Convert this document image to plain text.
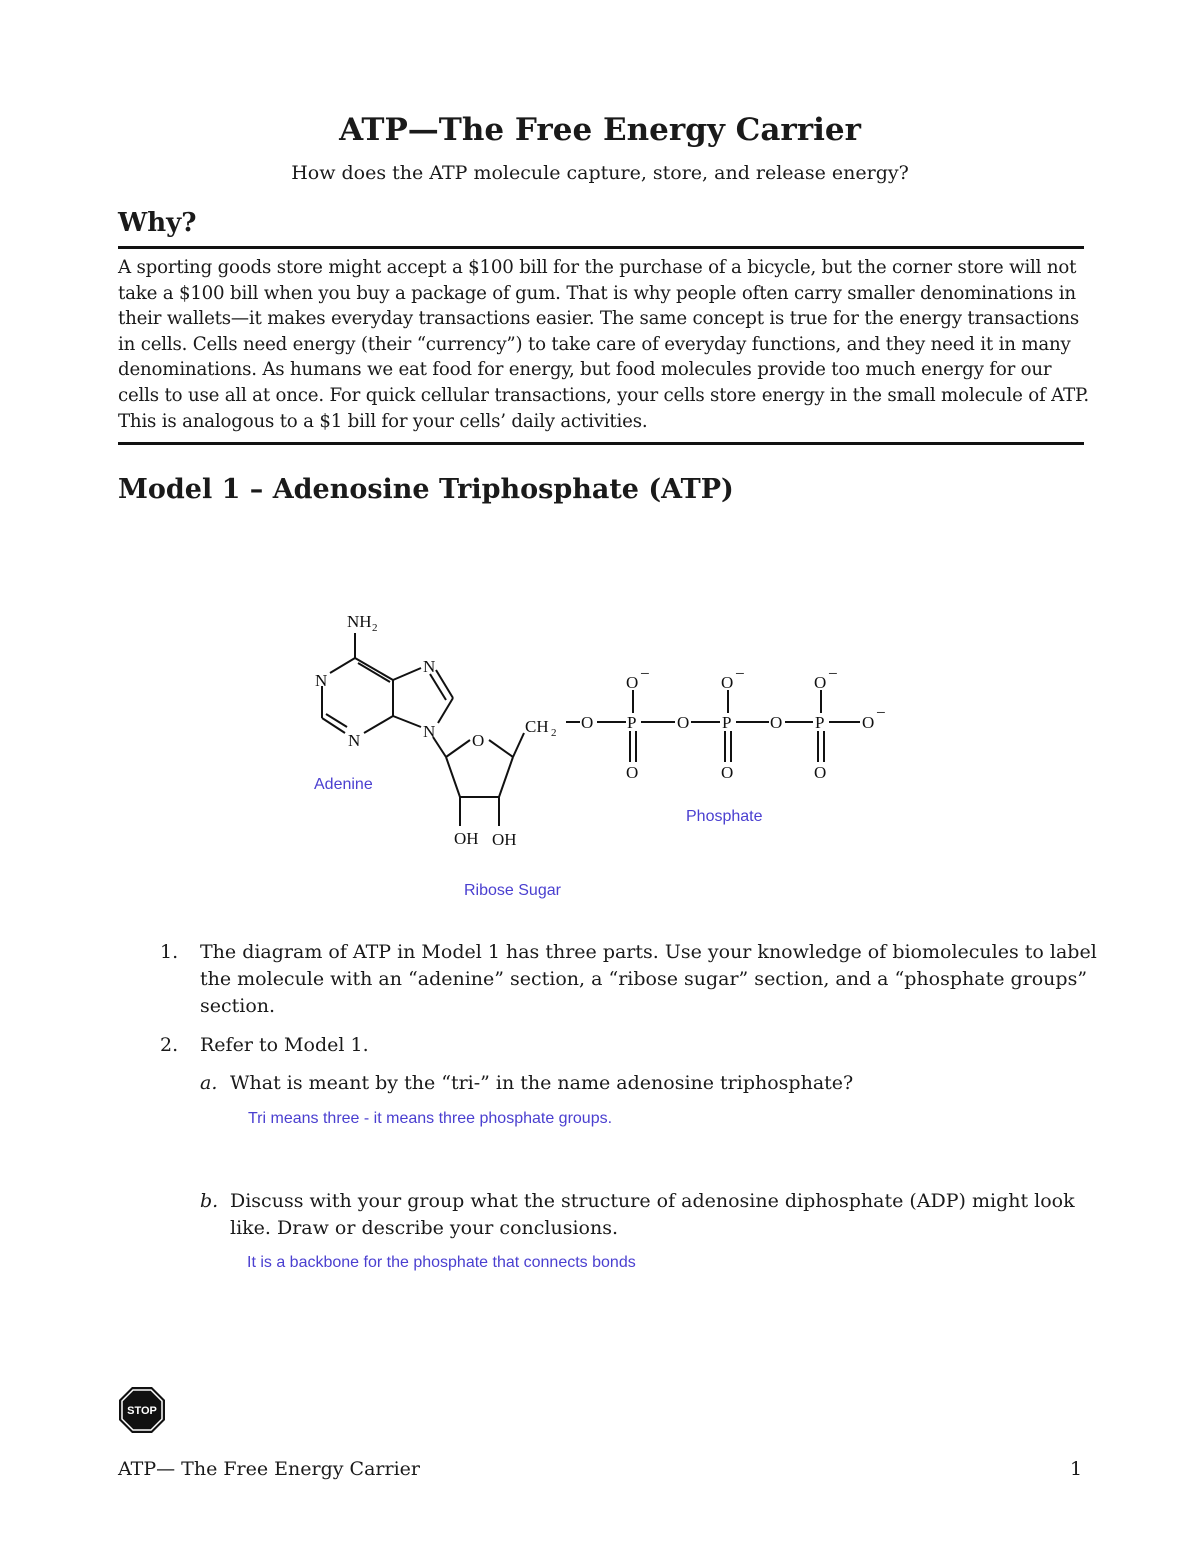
ATP—The Free Energy Carrier
How does the ATP molecule capture, store, and release energy?
Why?
A sporting goods store might accept a $100 bill for the purchase of a bicycle, but the corner store will not take a $100 bill when you buy a package of gum. That is why people often carry smaller denominations in their wallets—it makes everyday transactions easier. The same concept is true for the energy transactions in cells. Cells need energy (their “currency”) to take care of everyday functions, and they need it in many denominations. As humans we eat food for energy, but food molecules provide too much energy for our cells to use all at once. For quick cellular transactions, your cells store energy in the small molecule of ATP. This is analogous to a $1 bill for your cells’ daily activities.
Model 1 – Adenosine Triphosphate (ATP)
NH 2
N
N
N	N O
OH OH
CH 2
O P O P O P O
−
O −	O −	O −
O	O	O
Adenine
Phosphate
Ribose Sugar
1.	The diagram of ATP in Model 1 has three parts. Use your knowledge of biomolecules to label the molecule with an “adenine” section, a “ribose sugar” section, and a “phosphate groups” section.
2.	Refer to Model 1.
a. What is meant by the “tri-” in the name adenosine triphosphate?
Tri means three - it means three phosphate groups.
b. Discuss with your group what the structure of adenosine diphosphate (ADP) might look like. Draw or describe your conclusions.
It is a backbone for the phosphate that connects bonds
STOP
ATP— The Free Energy Carrier	1
